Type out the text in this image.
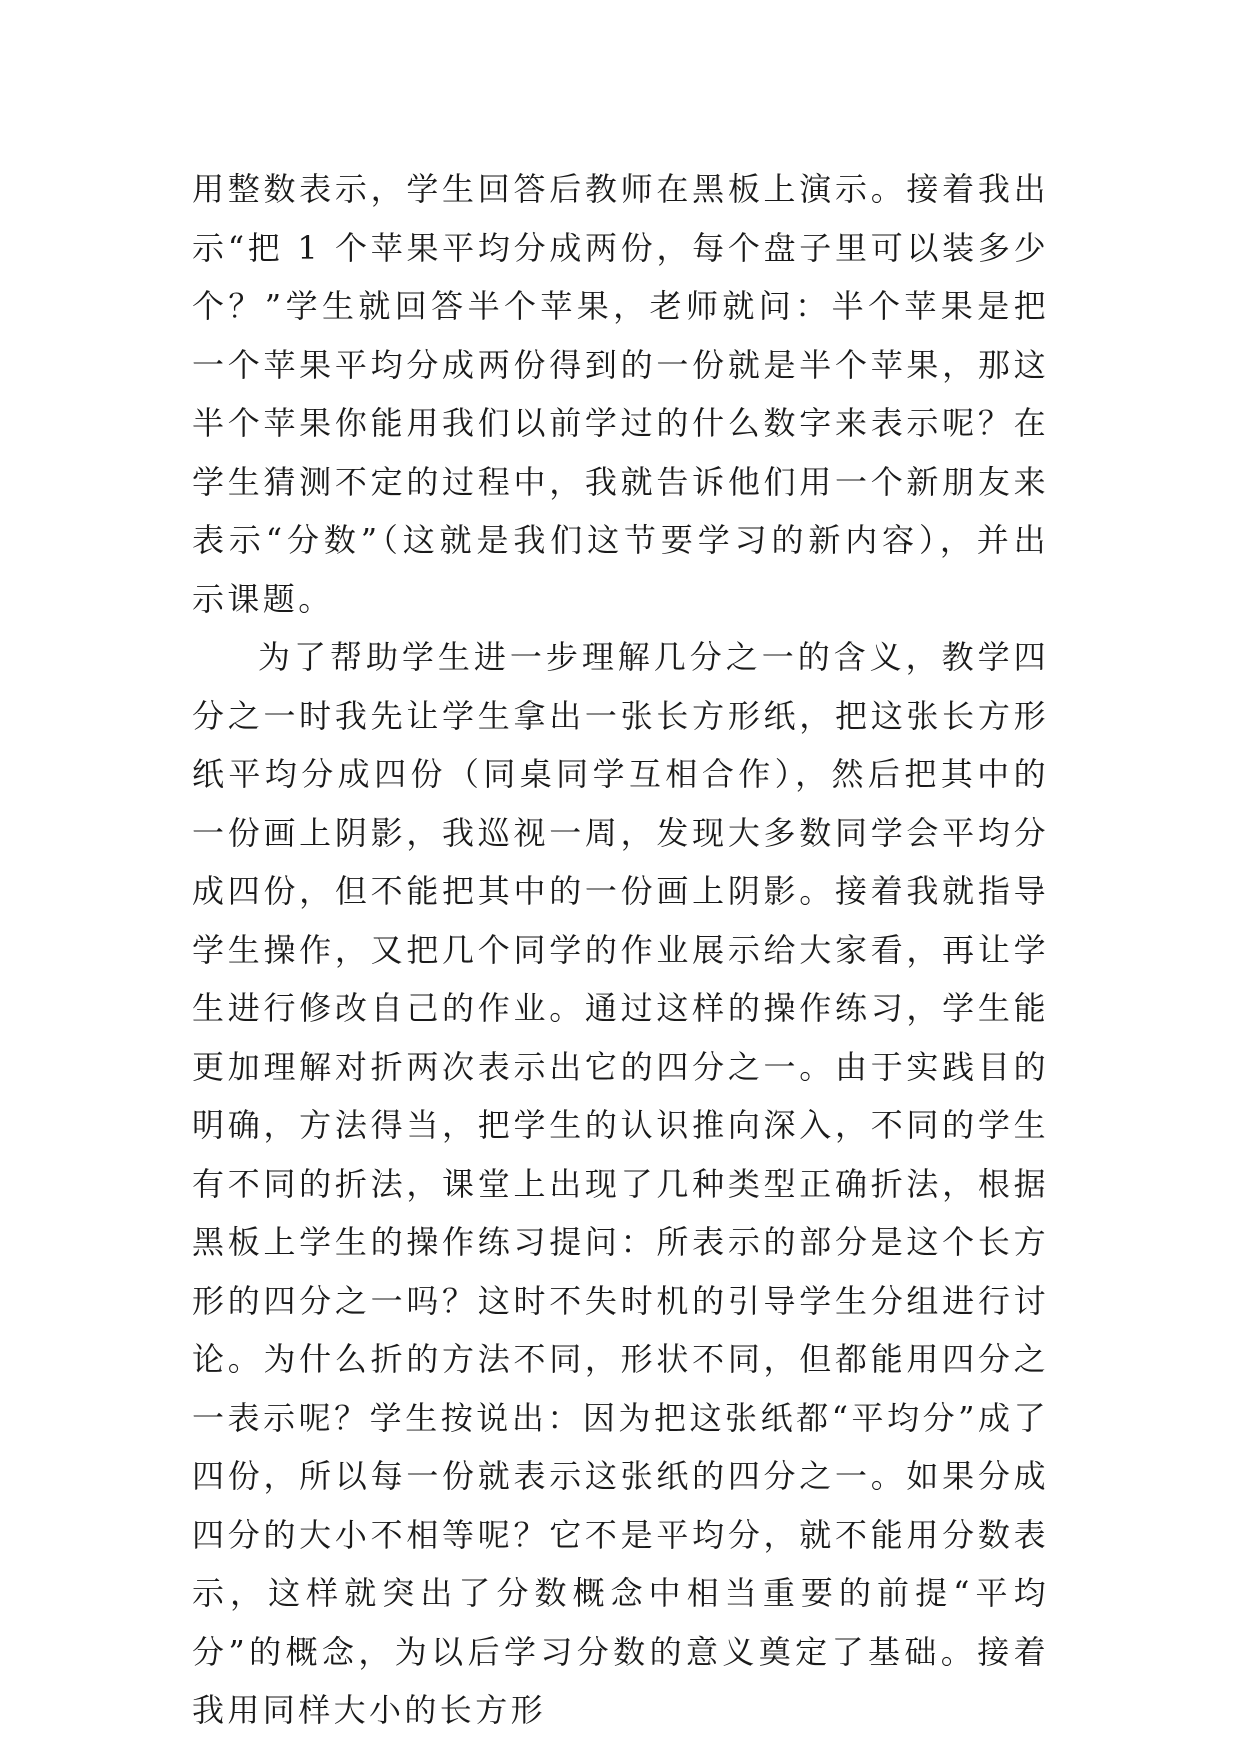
用整数表示，学生回答后教师在黑板上演示。接着我出示“把 1 个苹果平均分成两份，每个盘子里可以装多少个？”学生就回答半个苹果，老师就问：半个苹果是把一个苹果平均分成两份得到的一份就是半个苹果，那这半个苹果你能用我们以前学过的什么数字来表示呢？在学生猜测不定的过程中，我就告诉他们用一个新朋友来表示“分数”（这就是我们这节要学习的新内容），并出示课题。

为了帮助学生进一步理解几分之一的含义，教学四分之一时我先让学生拿出一张长方形纸，把这张长方形纸平均分成四份（同桌同学互相合作），然后把其中的一份画上阴影，我巡视一周，发现大多数同学会平均分成四份，但不能把其中的一份画上阴影。接着我就指导学生操作，又把几个同学的作业展示给大家看，再让学生进行修改自己的作业。通过这样的操作练习，学生能更加理解对折两次表示出它的四分之一。由于实践目的明确，方法得当，把学生的认识推向深入，不同的学生有不同的折法，课堂上出现了几种类型正确折法，根据黑板上学生的操作练习提问：所表示的部分是这个长方形的四分之一吗？这时不失时机的引导学生分组进行讨论。为什么折的方法不同，形状不同，但都能用四分之一表示呢？学生按说出：因为把这张纸都“平均分”成了四份，所以每一份就表示这张纸的四分之一。如果分成四分的大小不相等呢？它不是平均分，就不能用分数表示，这样就突出了分数概念中相当重要的前提“平均分”的概念，为以后学习分数的意义奠定了基础。接着我用同样大小的长方形
